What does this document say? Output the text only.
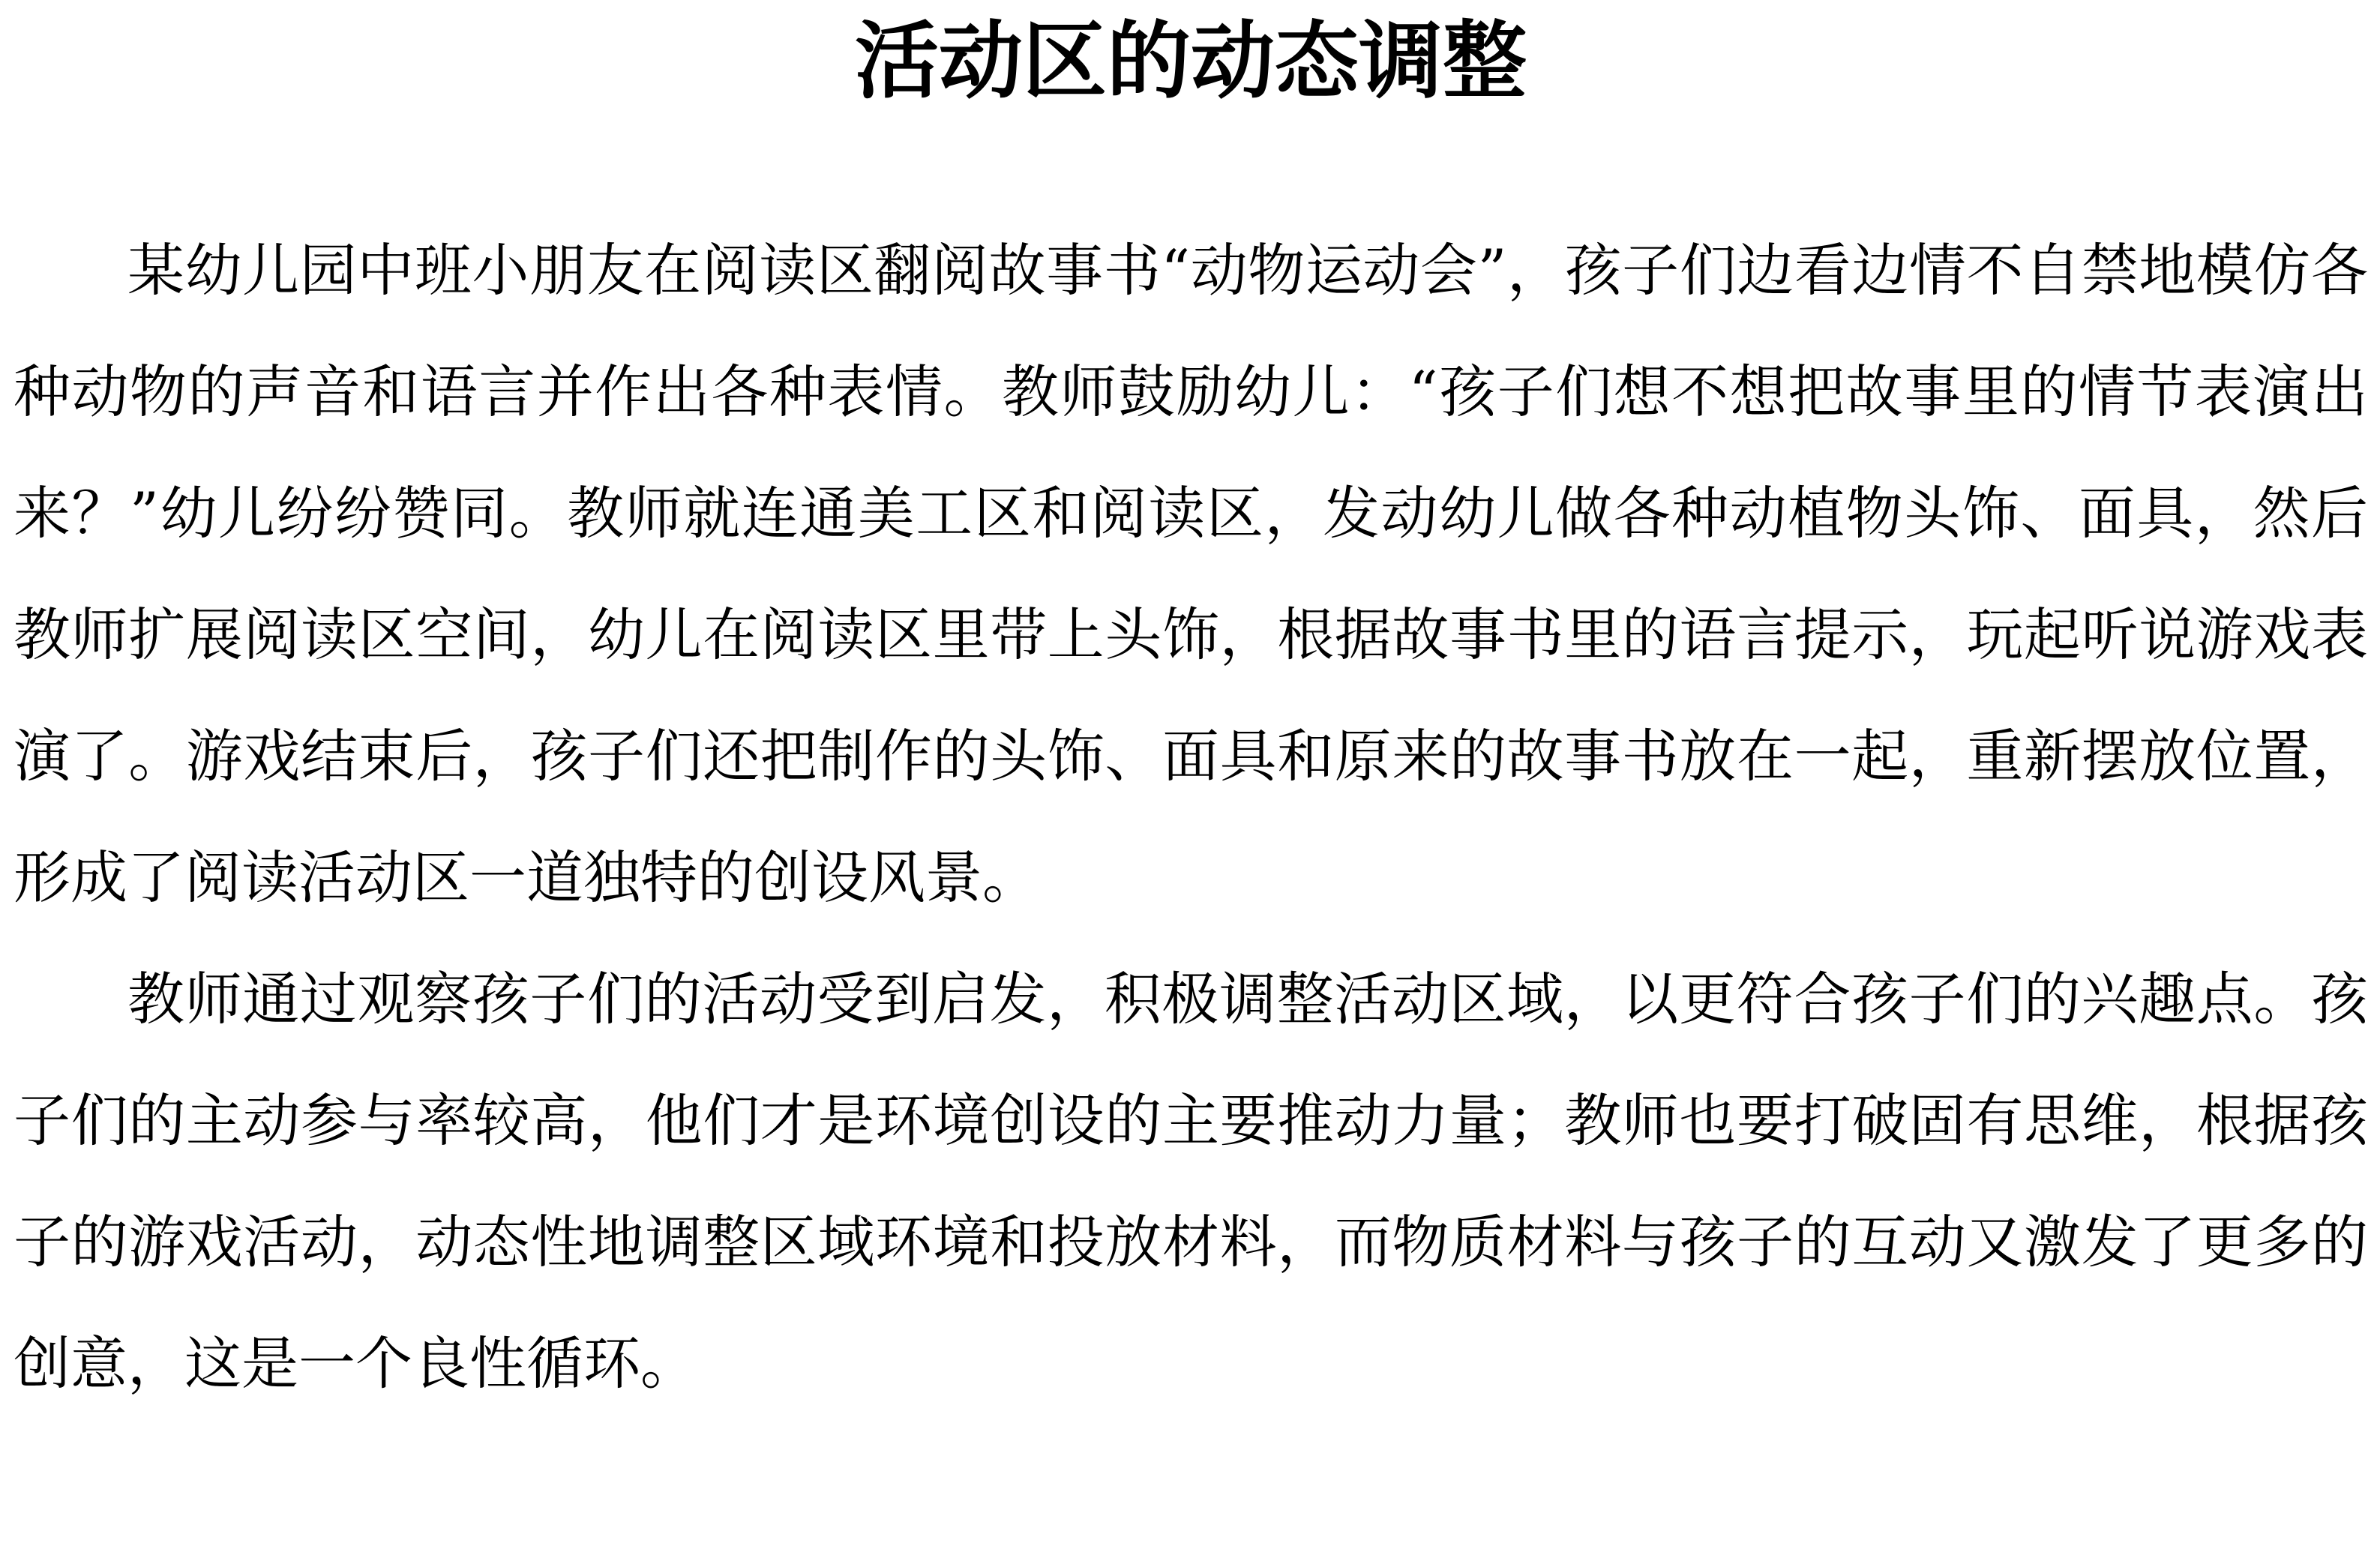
活动区的动态调整

某幼儿园中班小朋友在阅读区翻阅故事书“动物运动会”，孩子们边看边情不自禁地模仿各种动物的声音和语言并作出各种表情。教师鼓励幼儿：“孩子们想不想把故事里的情节表演出来？”幼儿纷纷赞同。教师就连通美工区和阅读区，发动幼儿做各种动植物头饰、面具，然后教师扩展阅读区空间，幼儿在阅读区里带上头饰，根据故事书里的语言提示，玩起听说游戏表演了。游戏结束后，孩子们还把制作的头饰、面具和原来的故事书放在一起，重新摆放位置，形成了阅读活动区一道独特的创设风景。

教师通过观察孩子们的活动受到启发，积极调整活动区域，以更符合孩子们的兴趣点。孩子们的主动参与率较高，他们才是环境创设的主要推动力量；教师也要打破固有思维，根据孩子的游戏活动，动态性地调整区域环境和投放材料，而物质材料与孩子的互动又激发了更多的创意，这是一个良性循环。
